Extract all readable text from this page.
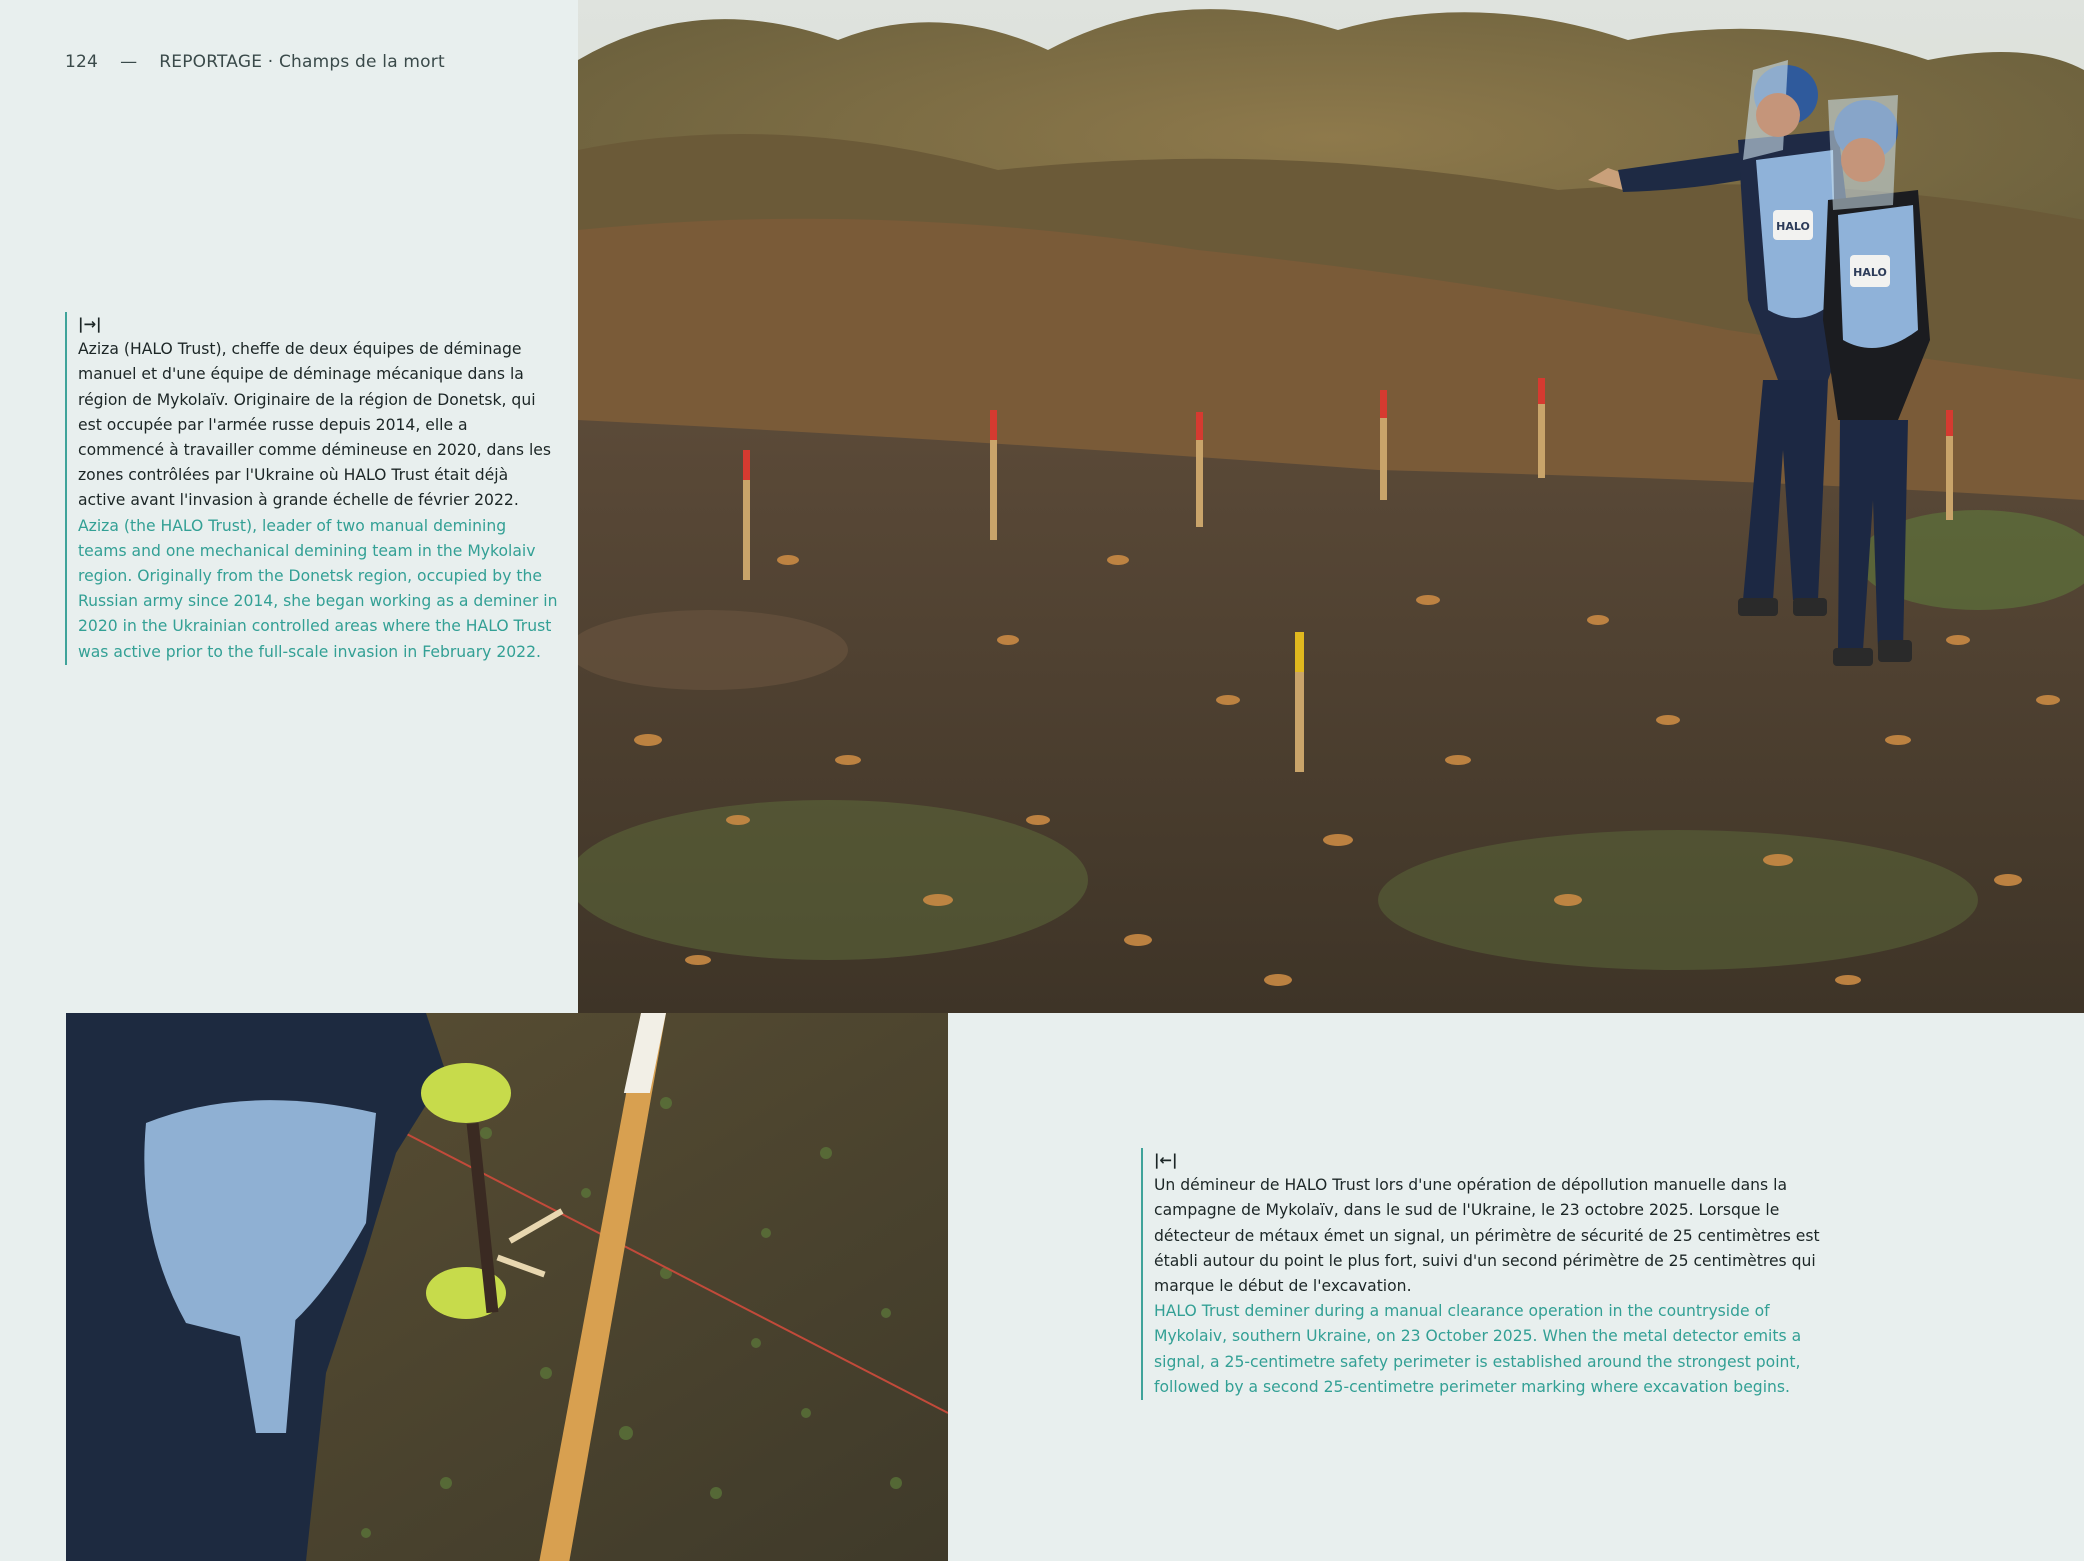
124 — REPORTAGE · Champs de la mort
HALO
HALO
|→|
Aziza (HALO Trust), cheffe de deux équipes de déminage manuel et d'une équipe de déminage mécanique dans la région de Mykolaïv. Originaire de la région de Donetsk, qui est occupée par l'armée russe depuis 2014, elle a commencé à travailler comme démineuse en 2020, dans les zones contrôlées par l'Ukraine où HALO Trust était déjà active avant l'invasion à grande échelle de février 2022.
Aziza (the HALO Trust), leader of two manual demining teams and one mechanical demining team in the Mykolaiv region. Originally from the Donetsk region, occupied by the Russian army since 2014, she began working as a deminer in 2020 in the Ukrainian controlled areas where the HALO Trust was active prior to the full-scale invasion in February 2022.
|←|
Un démineur de HALO Trust lors d'une opération de dépollution manuelle dans la campagne de Mykolaïv, dans le sud de l'Ukraine, le 23 octobre 2025. Lorsque le détecteur de métaux émet un signal, un périmètre de sécurité de 25 centimètres est établi autour du point le plus fort, suivi d'un second périmètre de 25 centimètres qui marque le début de l'excavation.
HALO Trust deminer during a manual clearance operation in the countryside of Mykolaiv, southern Ukraine, on 23 October 2025. When the metal detector emits a signal, a 25-centimetre safety perimeter is established around the strongest point, followed by a second 25-centimetre perimeter marking where excavation begins.
